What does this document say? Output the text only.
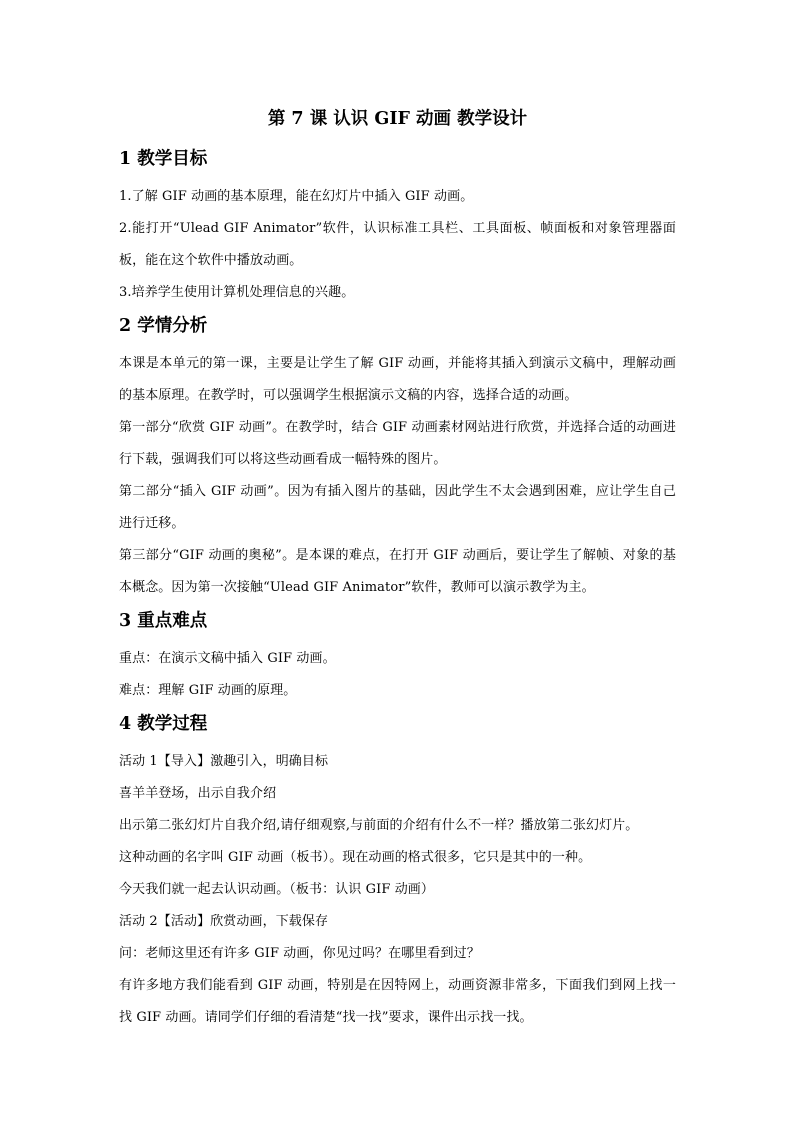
第 7 课 认识 GIF 动画 教学设计
1 教学目标

1.了解 GIF 动画的基本原理，能在幻灯片中插入 GIF 动画。

2.能打开“Ulead GIF Animator”软件，认识标准工具栏、工具面板、帧面板和对象管理器面板，能在这个软件中播放动画。

3.培养学生使用计算机处理信息的兴趣。

2 学情分析

本课是本单元的第一课，主要是让学生了解 GIF 动画，并能将其插入到演示文稿中，理解动画的基本原理。在教学时，可以强调学生根据演示文稿的内容，选择合适的动画。

第一部分“欣赏 GIF 动画”。在教学时，结合 GIF 动画素材网站进行欣赏，并选择合适的动画进行下载，强调我们可以将这些动画看成一幅特殊的图片。

第二部分“插入 GIF 动画”。因为有插入图片的基础，因此学生不太会遇到困难，应让学生自己进行迁移。

第三部分“GIF 动画的奥秘”。是本课的难点，在打开 GIF 动画后，要让学生了解帧、对象的基本概念。因为第一次接触“Ulead GIF Animator”软件，教师可以演示教学为主。

3 重点难点

重点：在演示文稿中插入 GIF 动画。

难点：理解 GIF 动画的原理。

4 教学过程

活动 1【导入】激趣引入，明确目标

喜羊羊登场，出示自我介绍

出示第二张幻灯片自我介绍,请仔细观察,与前面的介绍有什么不一样？播放第二张幻灯片。

这种动画的名字叫 GIF 动画（板书）。现在动画的格式很多，它只是其中的一种。

今天我们就一起去认识动画。（板书：认识 GIF 动画）

活动 2【活动】欣赏动画，下载保存

问：老师这里还有许多 GIF 动画，你见过吗？在哪里看到过？

有许多地方我们能看到 GIF 动画，特别是在因特网上，动画资源非常多，下面我们到网上找一找 GIF 动画。请同学们仔细的看清楚“找一找”要求，课件出示找一找。
